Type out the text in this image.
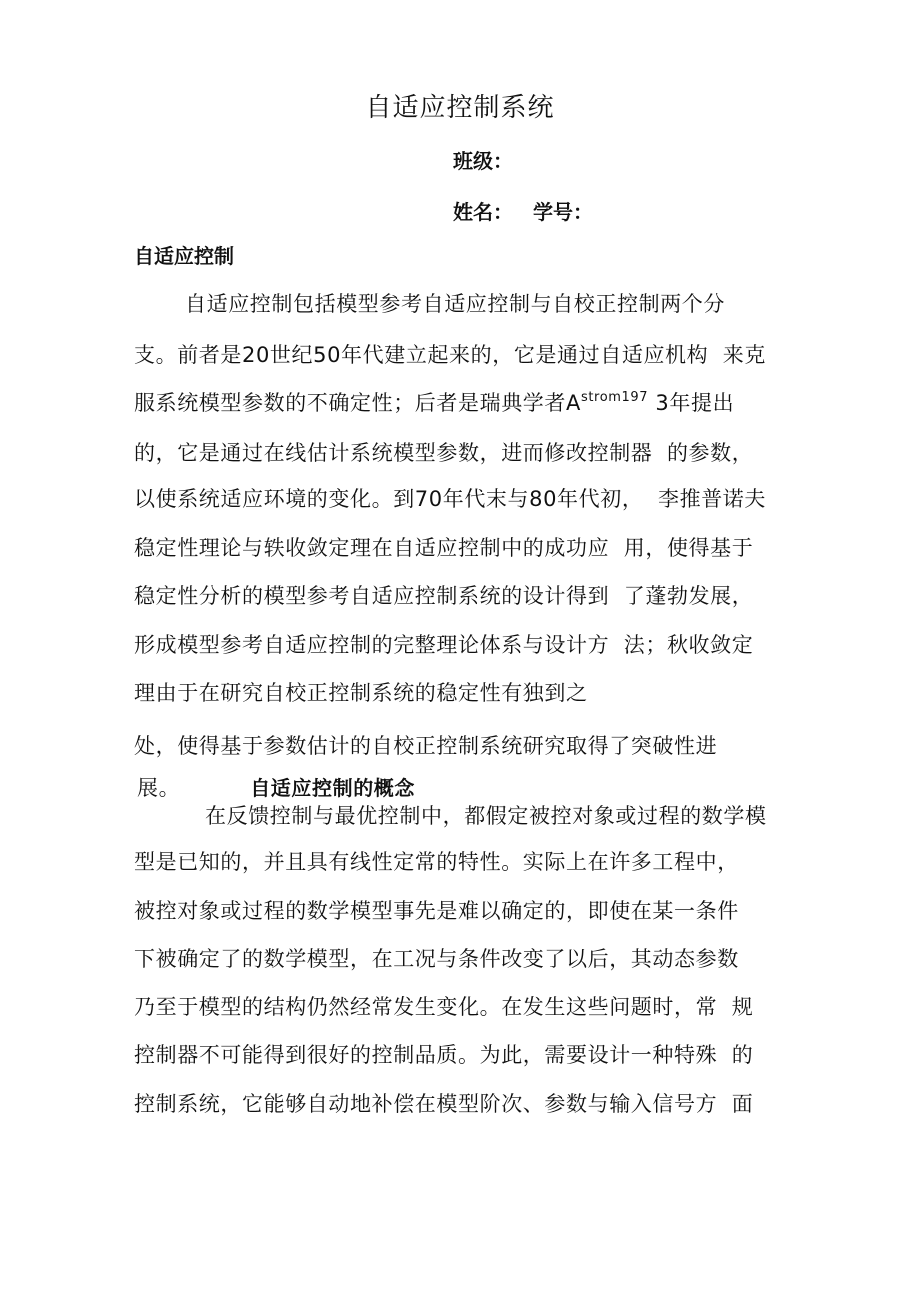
自适应控制系统
班级：
姓名： 学号：
自适应控制
自适应控制包括模型参考自适应控制与自校正控制两个分
支。前者是20世纪50年代建立起来的，它是通过自适应机构  来克
服系统模型参数的不确定性；后者是瑞典学者$A^{strom197}$ 3年提出
的，它是通过在线估计系统模型参数，进而修改控制器  的参数，
以使系统适应环境的变化。到70年代末与80年代初，  李推普诺夫
稳定性理论与轶收敛定理在自适应控制中的成功应  用，使得基于
稳定性分析的模型参考自适应控制系统的设计得到  了蓬勃发展，
形成模型参考自适应控制的完整理论体系与设计方  法；秋收敛定
理由于在研究自校正控制系统的稳定性有独到之
处，使得基于参数估计的自校正控制系统研究取得了突破性进
展。	自适应控制的概念
在反馈控制与最优控制中，都假定被控对象或过程的数学模
型是已知的，并且具有线性定常的特性。实际上在许多工程中，
被控对象或过程的数学模型事先是难以确定的，即使在某一条件
下被确定了的数学模型，在工况与条件改变了以后，其动态参数
乃至于模型的结构仍然经常发生变化。在发生这些问题时，常  规
控制器不可能得到很好的控制品质。为此，需要设计一种特殊  的
控制系统，它能够自动地补偿在模型阶次、参数与输入信号方  面
